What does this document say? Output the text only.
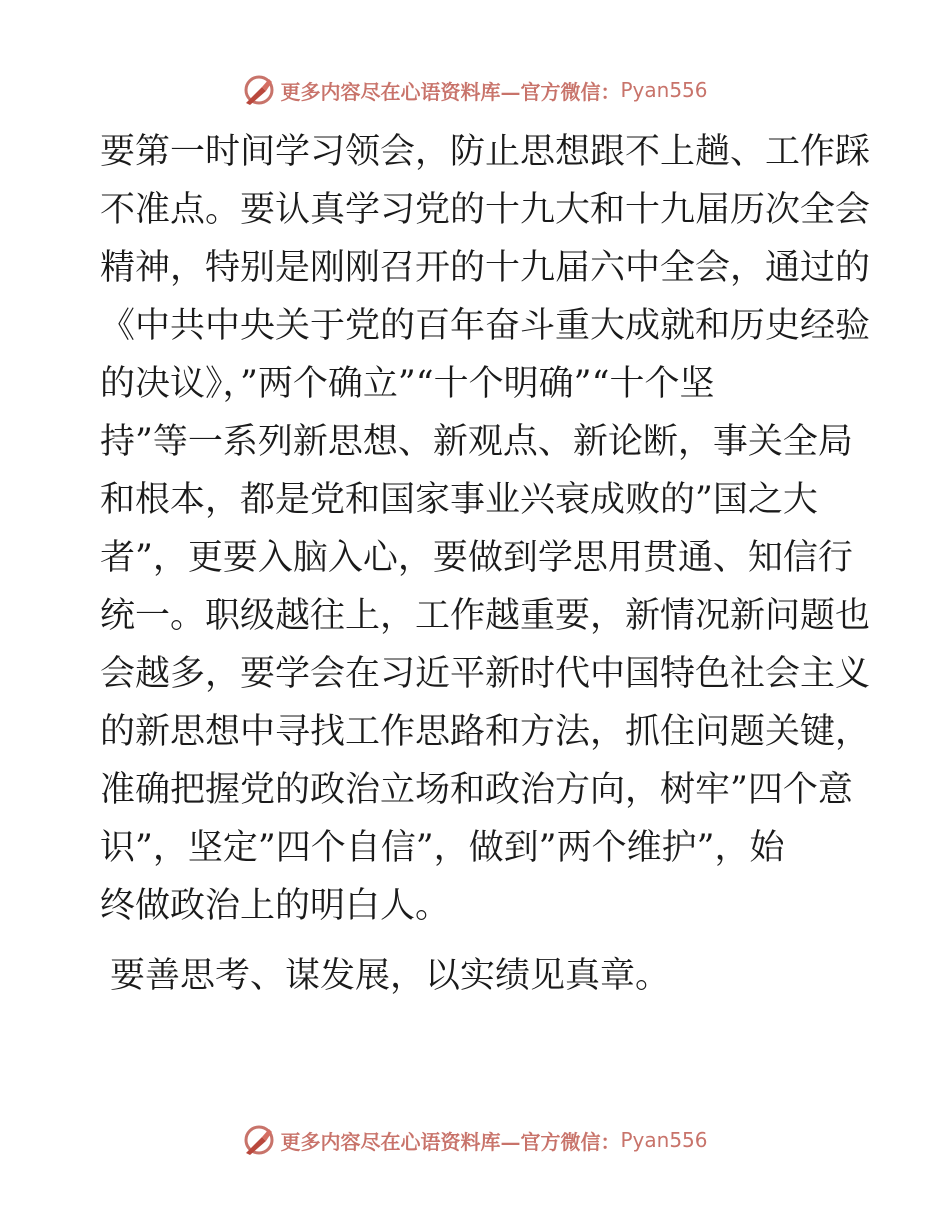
更多内容尽在心语资料库—官方微信： Pyan556
要第一时间学习领会，防止思想跟不上趟、工作踩
不准点。要认真学习党的十九大和十九届历次全会
精神，特别是刚刚召开的十九届六中全会，通过的
《中共中央关于党的百年奋斗重大成就和历史经验
的决议》，”两个确立”“十个明确”“十个坚
持”等一系列新思想、新观点、新论断，事关全局
和根本，都是党和国家事业兴衰成败的”国之大
者”，更要入脑入心，要做到学思用贯通、知信行
统一。职级越往上，工作越重要，新情况新问题也
会越多，要学会在习近平新时代中国特色社会主义
的新思想中寻找工作思路和方法，抓住问题关键，
准确把握党的政治立场和政治方向，树牢”四个意
识”，坚定”四个自信”，做到”两个维护”，始
终做政治上的明白人。
要善思考、谋发展，以实绩见真章。
更多内容尽在心语资料库—官方微信： Pyan556
